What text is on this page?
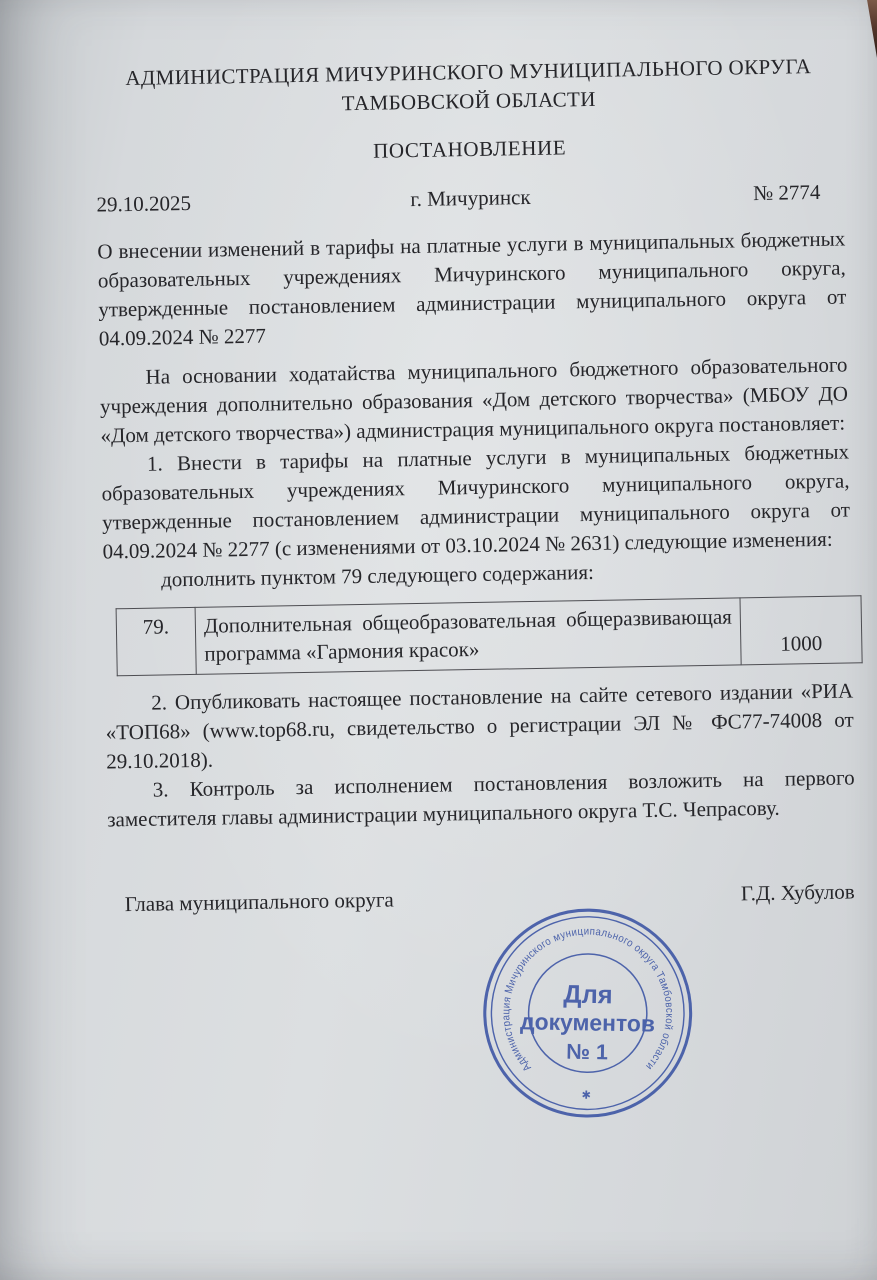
АДМИНИСТРАЦИЯ МИЧУРИНСКОГО МУНИЦИПАЛЬНОГО ОКРУГА
ТАМБОВСКОЙ ОБЛАСТИ
ПОСТАНОВЛЕНИЕ
29.10.2025	г. Мичуринск	№ 2774
О внесении изменений в тарифы на платные услуги в муниципальных бюджетных образовательных учреждениях Мичуринского муниципального округа, утвержденные постановлением администрации муниципального округа от 04.09.2024 № 2277
На основании ходатайства муниципального бюджетного образовательного учреждения дополнительно образования «Дом детского творчества» (МБОУ ДО «Дом детского творчества») администрация муниципального округа постановляет:
1. Внести в тарифы на платные услуги в муниципальных бюджетных образовательных учреждениях Мичуринского муниципального округа, утвержденные постановлением администрации муниципального округа от 04.09.2024 № 2277 (с изменениями от 03.10.2024 № 2631) следующие изменения:
дополнить пунктом 79 следующего содержания:
79.	Дополнительная общеобразовательная общеразвивающая программа «Гармония красок»	1000
2. Опубликовать настоящее постановление на сайте сетевого издании «РИА «ТОП68» (www.top68.ru, свидетельство о регистрации ЭЛ № ФС77-74008 от 29.10.2018).
3. Контроль за исполнением постановления возложить на первого заместителя главы администрации муниципального округа Т.С. Чепрасову.
Глава муниципального округа	Г.Д. Хубулов
Администрация Мичуринского муниципального округа Тамбовской области
✱
Для
документов
№ 1
